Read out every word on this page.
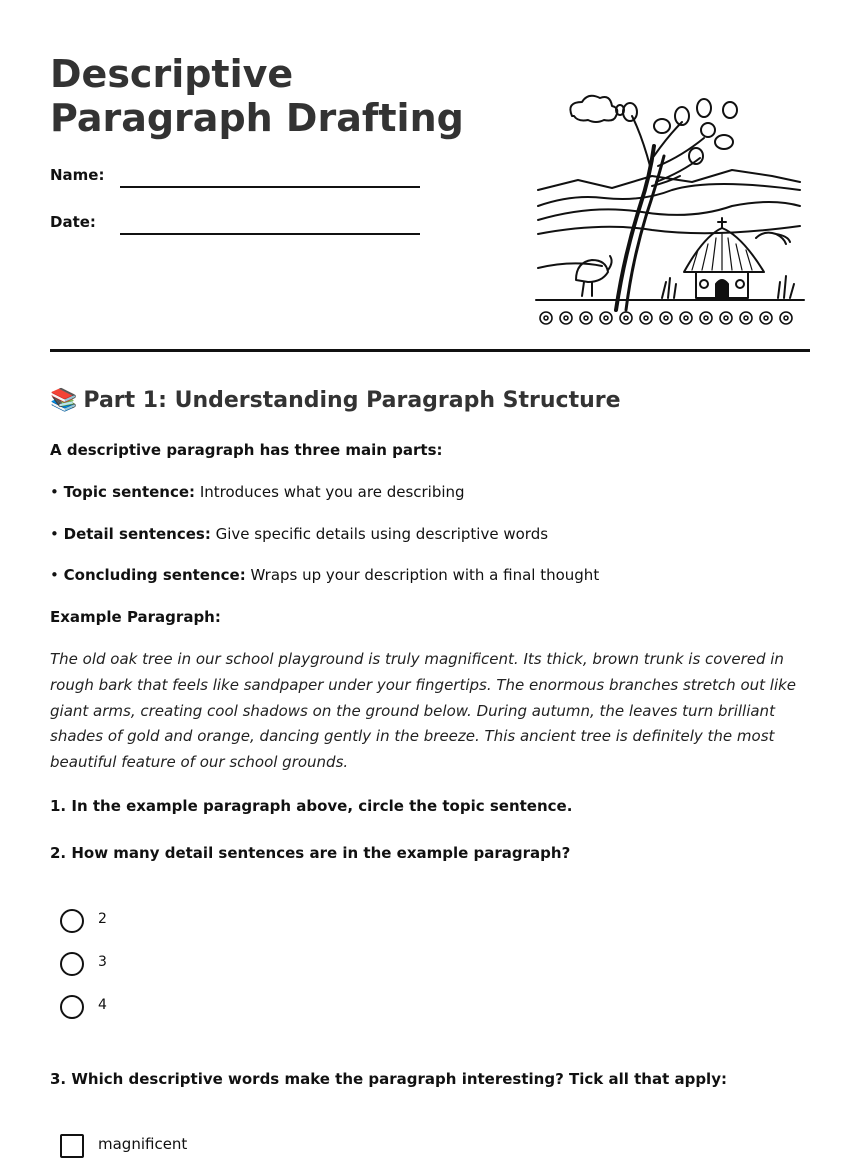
Descriptive Paragraph Drafting
Name:
Date:
📚 Part 1: Understanding Paragraph Structure

A descriptive paragraph has three main parts:

• Topic sentence: Introduces what you are describing

• Detail sentences: Give specific details using descriptive words

• Concluding sentence: Wraps up your description with a final thought

Example Paragraph:

The old oak tree in our school playground is truly magnificent. Its thick, brown trunk is covered in rough bark that feels like sandpaper under your fingertips. The enormous branches stretch out like giant arms, creating cool shadows on the ground below. During autumn, the leaves turn brilliant shades of gold and orange, dancing gently in the breeze. This ancient tree is definitely the most beautiful feature of our school grounds.

1. In the example paragraph above, circle the topic sentence.

2. How many detail sentences are in the example paragraph?

2
3
4

3. Which descriptive words make the paragraph interesting? Tick all that apply:

magnificent
